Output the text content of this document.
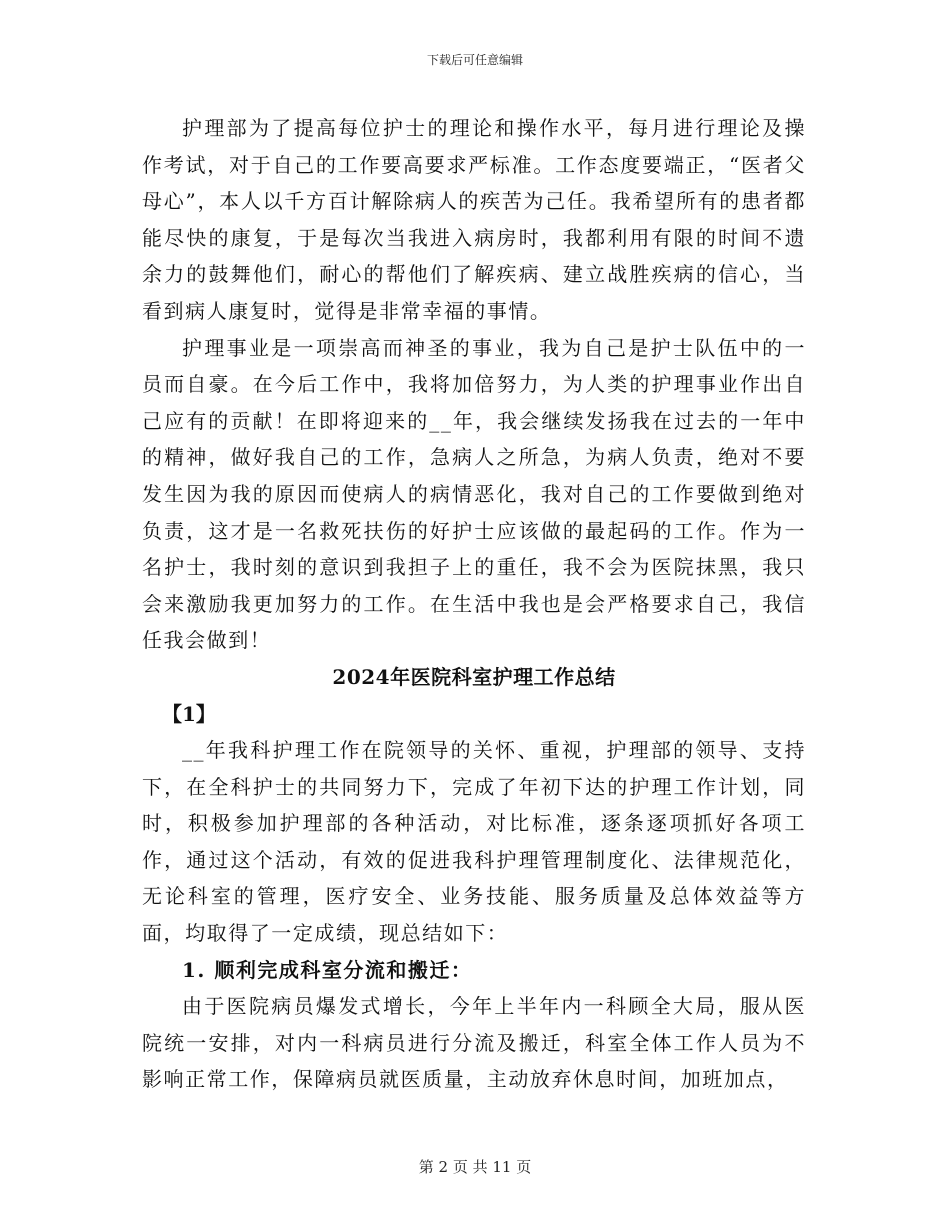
下载后可任意编辑

护理部为了提高每位护士的理论和操作水平，每月进行理论及操作考试，对于自己的工作要高要求严标准。工作态度要端正，“医者父母心”，本人以千方百计解除病人的疾苦为己任。我希望所有的患者都能尽快的康复，于是每次当我进入病房时，我都利用有限的时间不遗余力的鼓舞他们，耐心的帮他们了解疾病、建立战胜疾病的信心，当看到病人康复时，觉得是非常幸福的事情。

护理事业是一项崇高而神圣的事业，我为自己是护士队伍中的一员而自豪。在今后工作中，我将加倍努力，为人类的护理事业作出自己应有的贡献！在即将迎来的__年，我会继续发扬我在过去的一年中的精神，做好我自己的工作，急病人之所急，为病人负责，绝对不要发生因为我的原因而使病人的病情恶化，我对自己的工作要做到绝对负责，这才是一名救死扶伤的好护士应该做的最起码的工作。作为一名护士，我时刻的意识到我担子上的重任，我不会为医院抹黑，我只会来激励我更加努力的工作。在生活中我也是会严格要求自己，我信任我会做到！

2024年医院科室护理工作总结

【1】

__年我科护理工作在院领导的关怀、重视，护理部的领导、支持下，在全科护士的共同努力下，完成了年初下达的护理工作计划，同时，积极参加护理部的各种活动，对比标准，逐条逐项抓好各项工作，通过这个活动，有效的促进我科护理管理制度化、法律规范化，无论科室的管理，医疗安全、业务技能、服务质量及总体效益等方面，均取得了一定成绩，现总结如下：

1. 顺利完成科室分流和搬迁：

由于医院病员爆发式增长，今年上半年内一科顾全大局，服从医院统一安排，对内一科病员进行分流及搬迁，科室全体工作人员为不影响正常工作，保障病员就医质量，主动放弃休息时间，加班加点，

第 2 页 共 11 页
